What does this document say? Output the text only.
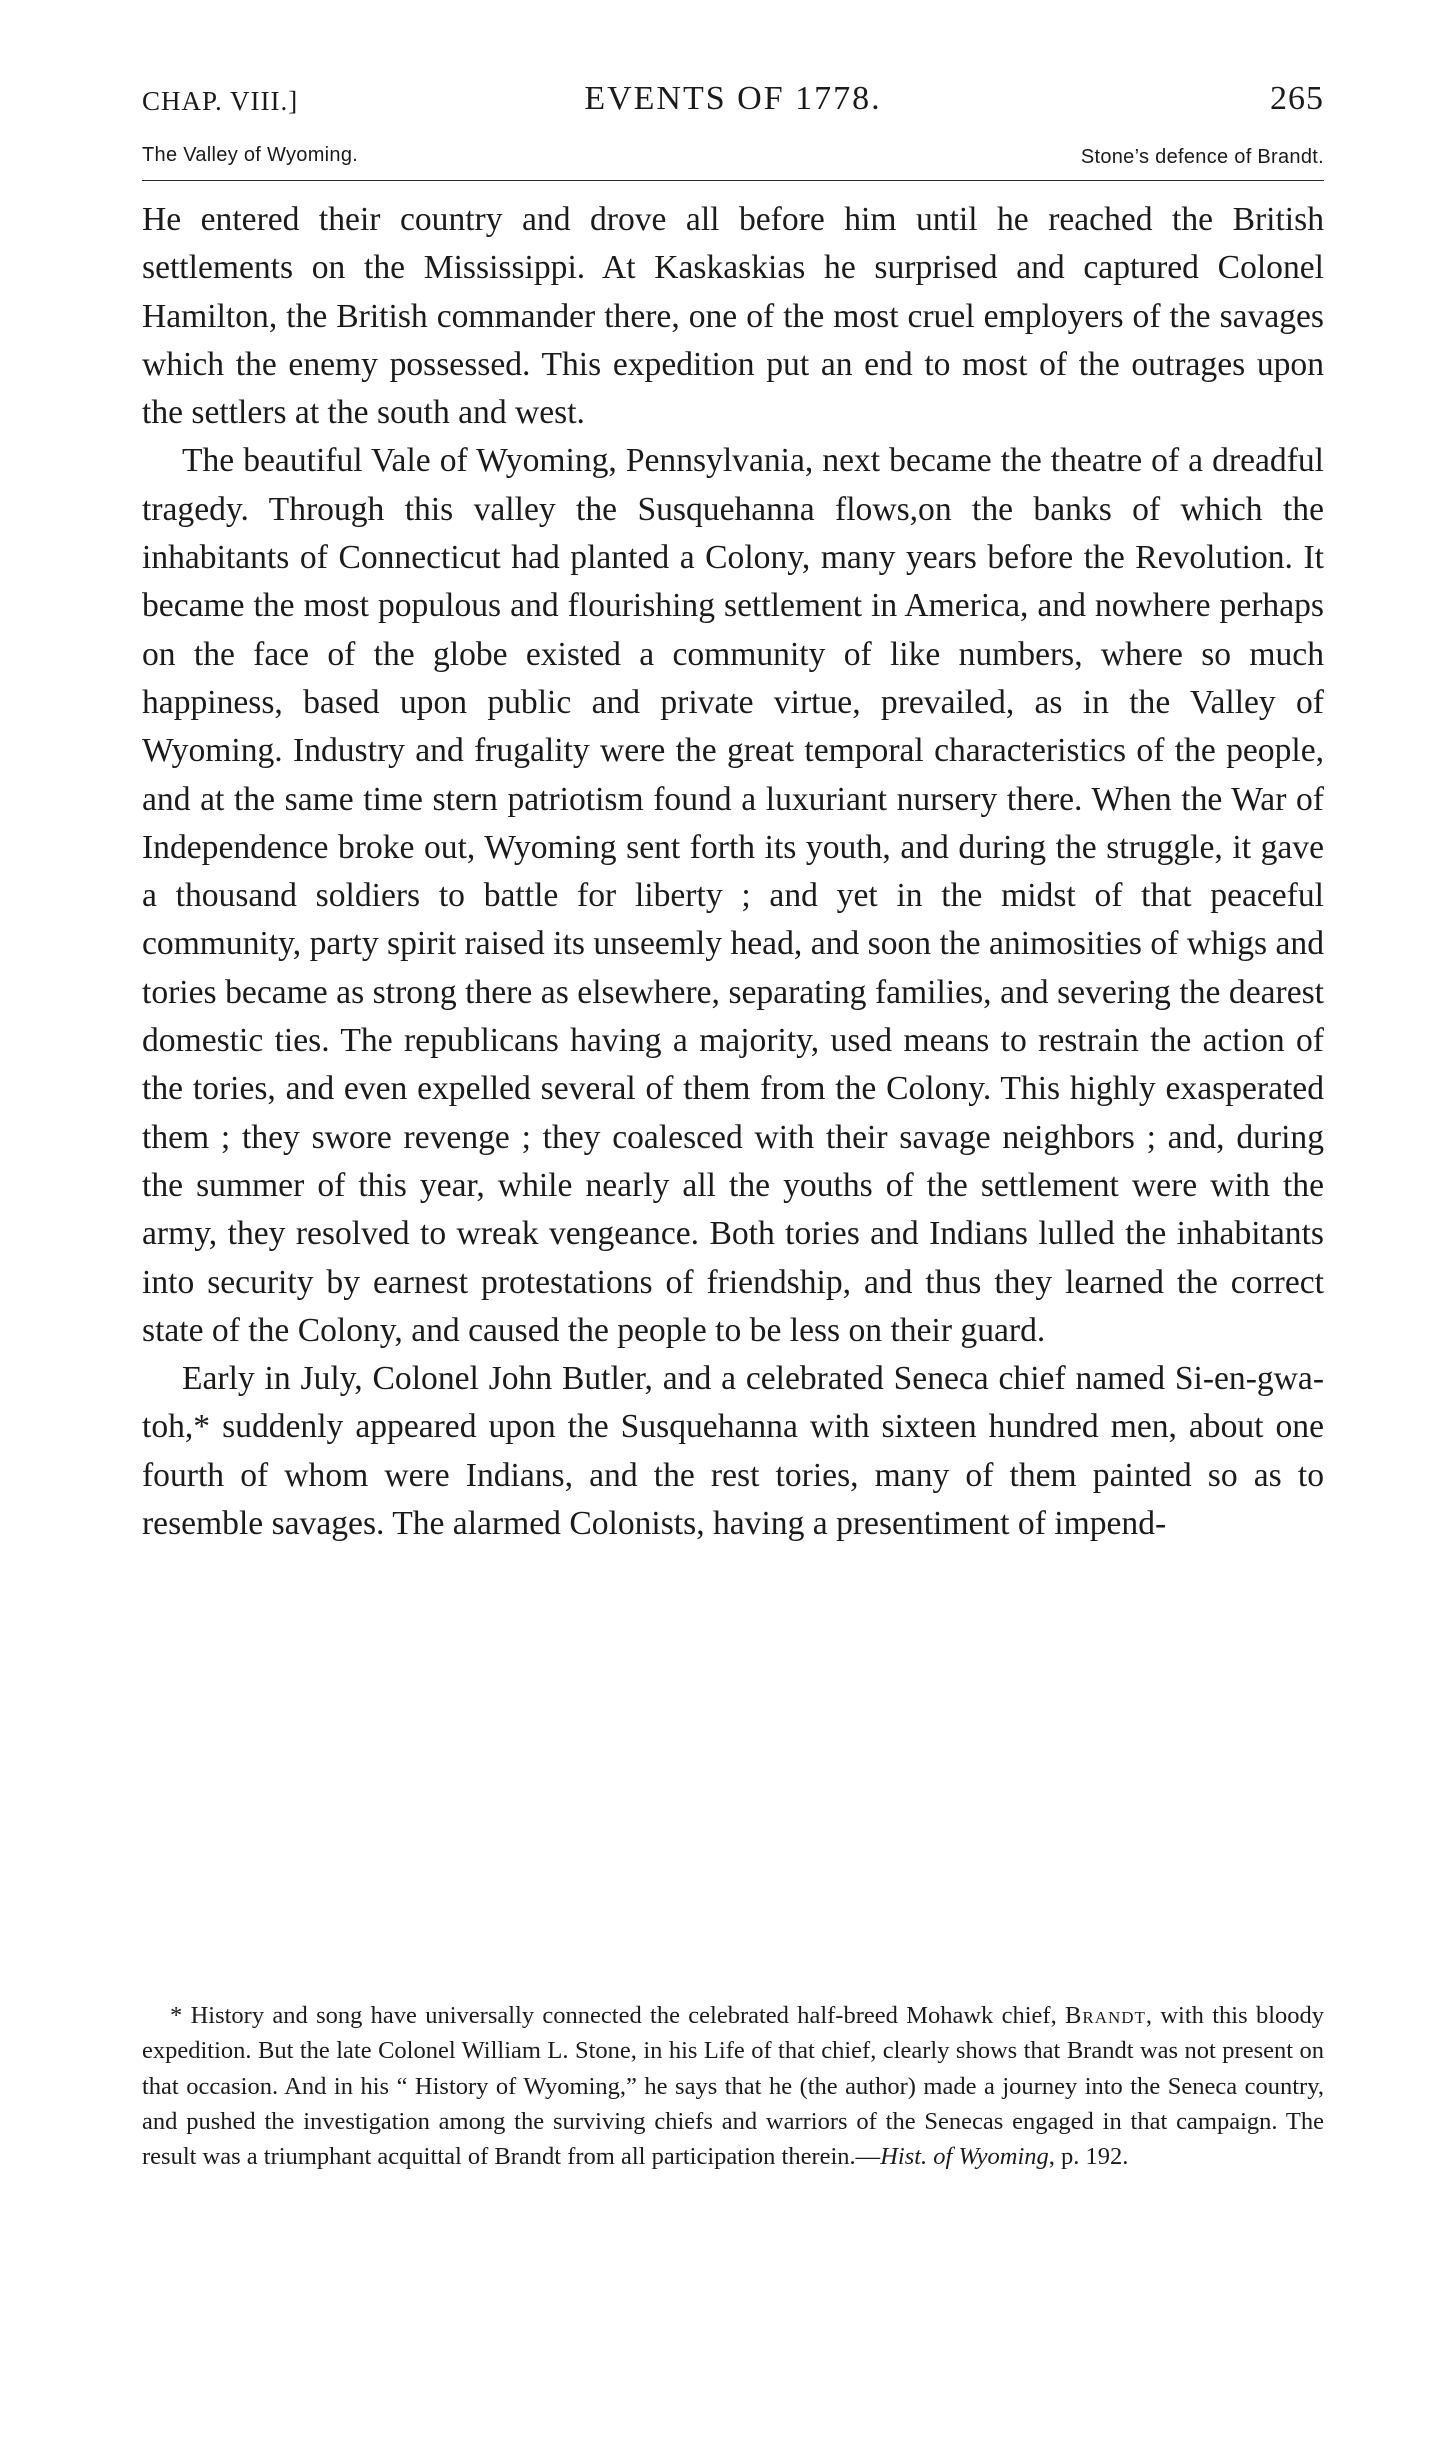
CHAP. VIII.]	EVENTS OF 1778.	265
The Valley of Wyoming.	Stone’s defence of Brandt.

He entered their country and drove all before him until he reached the British settlements on the Mississippi. At Kaskaskias he surprised and captured Colonel Hamilton, the British commander there, one of the most cruel employers of the savages which the enemy possessed. This expedition put an end to most of the outrages upon the settlers at the south and west.

The beautiful Vale of Wyoming, Pennsylvania, next became the theatre of a dreadful tragedy. Through this valley the Susquehanna flows,on the banks of which the inhabitants of Connecticut had planted a Colony, many years before the Revolution. It became the most populous and flourishing settlement in America, and nowhere perhaps on the face of the globe existed a community of like numbers, where so much happiness, based upon public and private virtue, prevailed, as in the Valley of Wyoming. Industry and frugality were the great temporal characteristics of the people, and at the same time stern patriotism found a luxuriant nursery there. When the War of Independence broke out, Wyoming sent forth its youth, and during the struggle, it gave a thousand soldiers to battle for liberty ; and yet in the midst of that peaceful community, party spirit raised its unseemly head, and soon the animosities of whigs and tories became as strong there as elsewhere, separating families, and severing the dearest domestic ties. The republicans having a majority, used means to restrain the action of the tories, and even expelled several of them from the Colony. This highly exasperated them ; they swore revenge ; they coalesced with their savage neighbors ; and, during the summer of this year, while nearly all the youths of the settlement were with the army, they resolved to wreak vengeance. Both tories and Indians lulled the inhabitants into security by earnest protestations of friendship, and thus they learned the correct state of the Colony, and caused the people to be less on their guard.

Early in July, Colonel John Butler, and a celebrated Seneca chief named Si-en-gwa-toh,* suddenly appeared upon the Susquehanna with sixteen hundred men, about one fourth of whom were Indians, and the rest tories, many of them painted so as to resemble savages. The alarmed Colonists, having a presentiment of impend-

* History and song have universally connected the celebrated half-breed Mohawk chief, Brandt, with this bloody expedition. But the late Colonel William L. Stone, in his Life of that chief, clearly shows that Brandt was not present on that occasion. And in his “ History of Wyoming,” he says that he (the author) made a journey into the Seneca country, and pushed the investigation among the surviving chiefs and warriors of the Senecas engaged in that campaign. The result was a triumphant acquittal of Brandt from all participation therein.—Hist. of Wyoming, p. 192.
